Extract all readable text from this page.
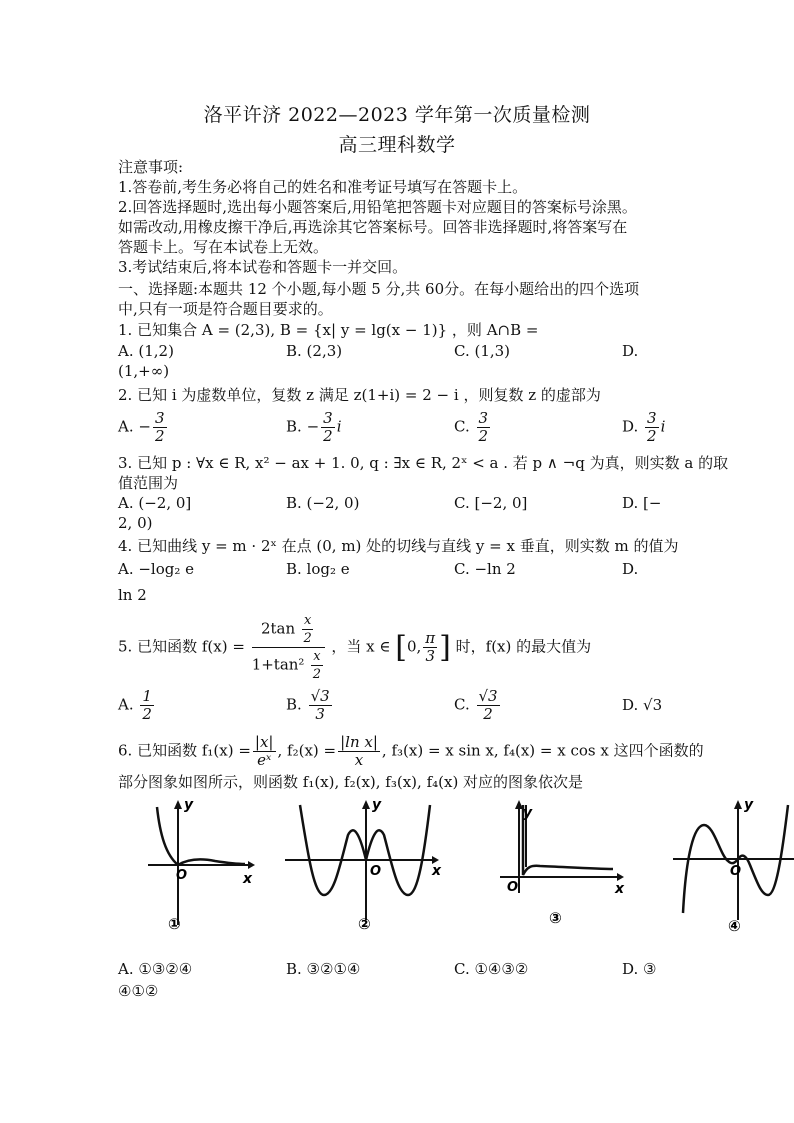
洛平许济 2022—2023 学年第一次质量检测
高三理科数学
注意事项:
1.答卷前,考生务必将自己的姓名和准考证号填写在答题卡上。
2.回答选择题时,选出每小题答案后,用铅笔把答题卡对应题目的答案标号涂黑。
如需改动,用橡皮擦干净后,再选涂其它答案标号。回答非选择题时,将答案写在
答题卡上。写在本试卷上无效。
3.考试结束后,将本试卷和答题卡一并交回。
一、选择题:本题共 12 个小题,每小题 5 分,共 60分。在每小题给出的四个选项
中,只有一项是符合题目要求的。
1. 已知集合 A = (2,3), B = {x| y = lg(x − 1)} ，则 A∩B =
A. (1,2)	B. (2,3)	C. (1,3)	D.
(1,+∞)
2. 已知 i 为虚数单位，复数 z 满足 z(1+i) = 2 − i ，则复数 z 的虚部为
A. − $\frac{3}{2}$	B. − $\frac{3}{2}$ i	C. $\frac{3}{2}$	D. $\frac{3}{2}$ i
3. 已知 p : ∀x ∈ R, x² − ax + 1. 0, q : ∃x ∈ R, 2ˣ < a . 若 p ∧ ¬q 为真，则实数 a 的取
值范围为
A. (−2, 0]	B. (−2, 0)	C. [−2, 0]	D. [−
2, 0)
4. 已知曲线 y = m · 2ˣ 在点 (0, m) 处的切线与直线 y = x 垂直，则实数 m 的值为
A. −log₂ e	B. log₂ e	C. −ln 2	D.
ln 2
5. 已知函数 $f(x) = \frac{2\tan \frac{x}{2}}{1+\tan^2 \frac{x}{2}}$ ，当 x ∈ [0, $\frac{\pi}{3}$ ] 时，f(x) 的最大值为
A. $\frac{1}{2}$	B. $\frac{√3}{3}$	C. $\frac{√3}{2}$	D. √3
6. 已知函数 $f_1(x) = \frac{|x|}{\text{eˣ}}$ , $f_2(x) = \frac{\text{|ln x|}}{x}$ , f₃(x) = x sin x, f₄(x) = x cos x 这四个函数的
部分图象如图所示，则函数 f₁(x), f₂(x), f₃(x), f₄(x) 对应的图象依次是
y
x
O
①
y
x
O
②
y
x
O
③
y
O
④
A. ①③②④	B. ③②①④	C. ①④③②	D. ③
④①②
